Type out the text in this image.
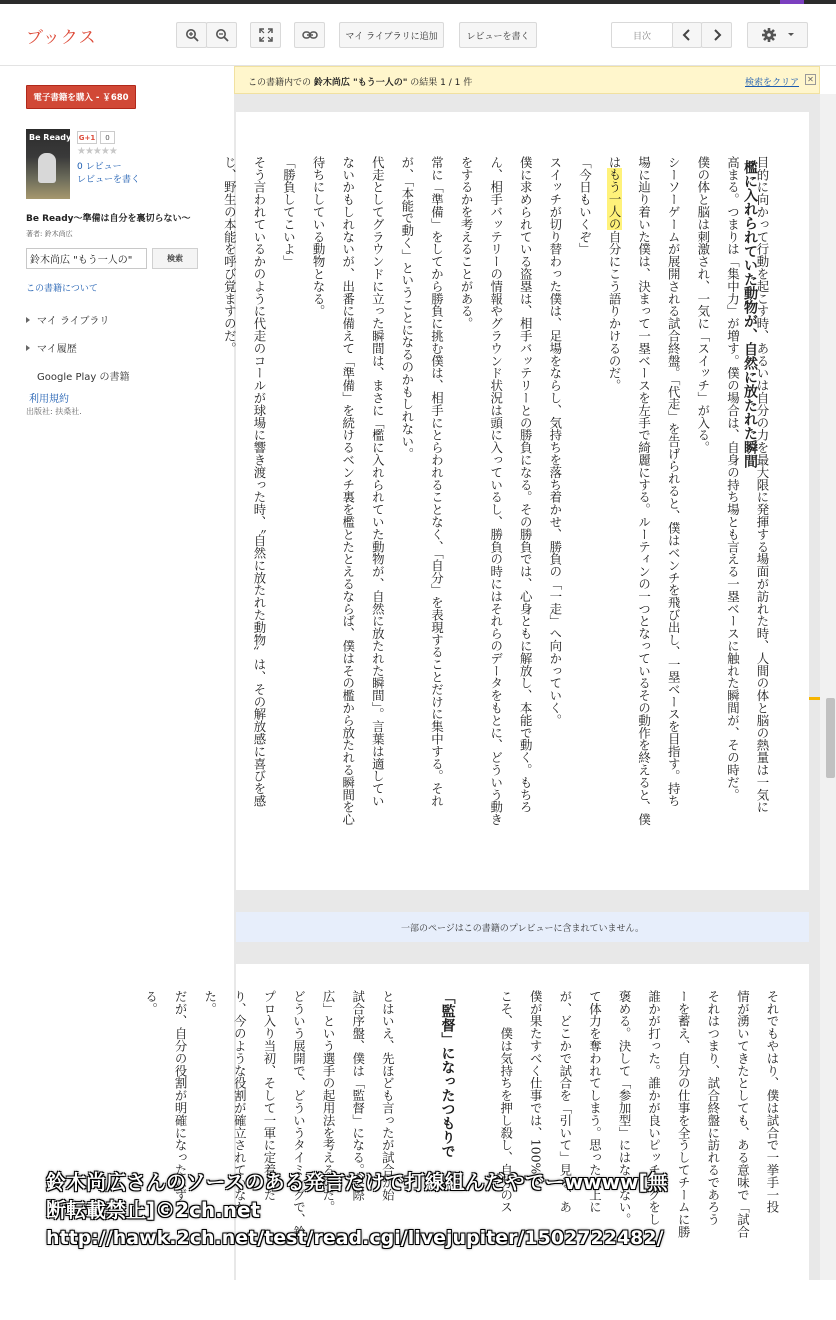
ブックス	マイ ライブラリに追加	レビューを書く	目次
電子書籍を購入 - ￥680
Be Ready G+1	0
★★★★★
0 レビュー
レビューを書く
Be Ready〜準備は自分を裏切らない〜
著者: 鈴木尚広
鈴木尚広 "もう一人の"
検索
この書籍について
マイ ライブラリ
マイ履歴
Google Play の書籍
利用規約
出版社: 扶桑社.
この書籍内での 鈴木尚広 "もう一人の" の結果 1 / 1 件	検索をクリア ✕
檻に入れられていた動物が、自然に放たれた瞬間
目的に向かって行動を起こす時、あるいは自分の力を最大限に発揮する場面が訪れた時、人間の体と脳の熱量は一気に
高まる。つまりは「集中力」が増す。僕の場合は、自身の持ち場とも言える一塁ベースに触れた瞬間が、その時だ。
僕の体と脳は刺激され、一気に「スイッチ」が入る。
シーソーゲームが展開される試合終盤。「代走」を告げられると、僕はベンチを飛び出し、一塁ベースを目指す。持ち
場に辿り着いた僕は、決まって一塁ベースを左手で綺麗にする。ルーティンの一つとなっているその動作を終えると、僕
はもう一人の自分にこう語りかけるのだ。
「今日もいくぞ」
スイッチが切り替わった僕は、足場をならし、気持ちを落ち着かせ、勝負の「一走」へ向かっていく。
僕に求められている盗塁は、相手バッテリーとの勝負になる。その勝負では、心身ともに解放し、本能で動く。もちろ
ん、相手バッテリーの情報やグラウンド状況は頭に入っているし、勝負の時にはそれらのデータをもとに、どういう動き
をするかを考えることがある。
常に「準備」をしてから勝負に挑む僕は、相手にとらわれることなく、「自分」を表現することだけに集中する。それ
が、「本能で動く」ということになるのかもしれない。
代走としてグラウンドに立った瞬間は、まさに「檻に入れられていた動物が、自然に放たれた瞬間」。言葉は適してい
ないかもしれないが、出番に備えて「準備」を続けるベンチ裏を檻とたとえるならば、僕はその檻から放たれる瞬間を心
待ちにしている動物となる。
「勝負してこいよ」
そう言われているかのように代走のコールが球場に響き渡った時、〝自然に放たれた動物〟は、その解放感に喜びを感
じ、野生の本能を呼び覚ますのだ。
一部のページはこの書籍のプレビューに含まれていません。
それでもやはり、僕は試合で一挙手一投
情が湧いてきたとしても、ある意味で「試合
それはつまり、試合終盤に訪れるであろう
ーを蓄え、自分の仕事を全うしてチームに勝
誰かが打った。誰かが良いピッチングをし
褒める。決して「参加型」にはならない。
て体力を奪われてしまう。思った以上に
が、どこかで試合を「引いて」見る、あ
僕が果たすべく仕事では、100%の
こそ、僕は気持ちを押し殺し、自分のス

「監督」になったつもりで

とはいえ、先ほども言ったが試合が始
試合序盤、僕は「監督」になる。実際
広」という選手の起用法を考えるのだ。
どういう展開で、どういうタイミングで、鈴
プロ入り当初、そして一軍に定着した
り、今のような役割が確立されていなか
た。
だが、自分の役割が明確になったはず
る。
鈴木尚広さんのソースのある発言だけで打線組んだやでーwwww[無
断転載禁止]©2ch.net
http://hawk.2ch.net/test/read.cgi/livejupiter/1502722482/
